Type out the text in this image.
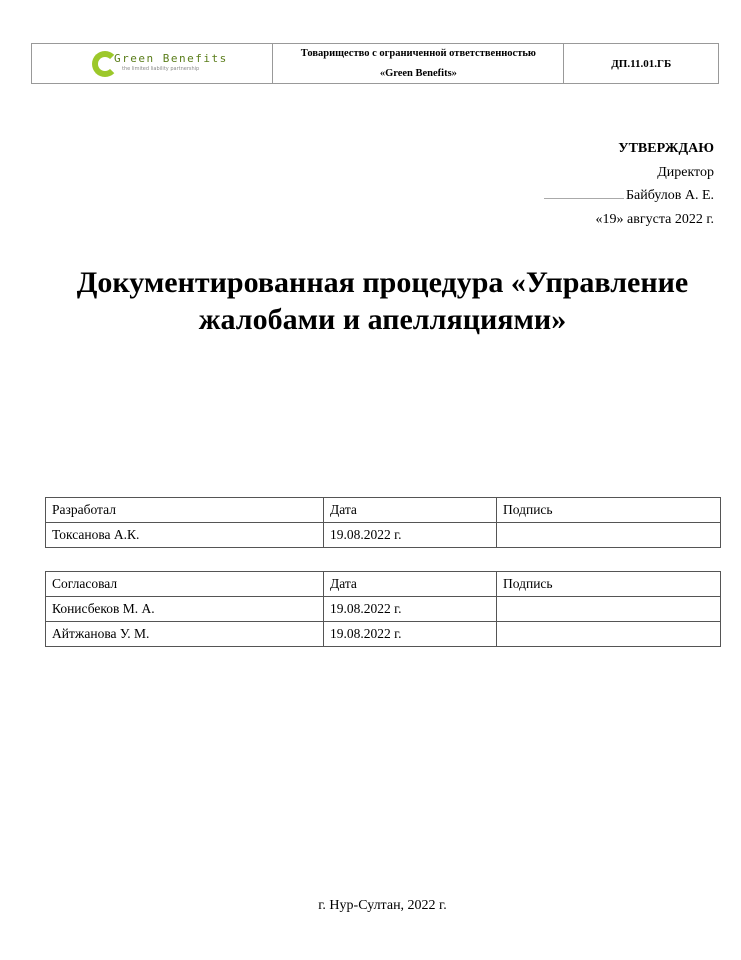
Green Benefits
the limited liability partnership
Товарищество с ограниченной ответственностью
«Green Benefits»
ДП.11.01.ГБ
УТВЕРЖДАЮ
Директор
Байбулов А. Е.
«19» августа 2022 г.
Документированная процедура «Управление
жалобами и апелляциями»
Разработал	Дата	Подпись
Токсанова А.К.	19.08.2022 г.	
Согласовал	Дата	Подпись
Конисбеков М. А.	19.08.2022 г.	
Айтжанова У. М.	19.08.2022 г.	
г. Нур-Султан, 2022 г.
